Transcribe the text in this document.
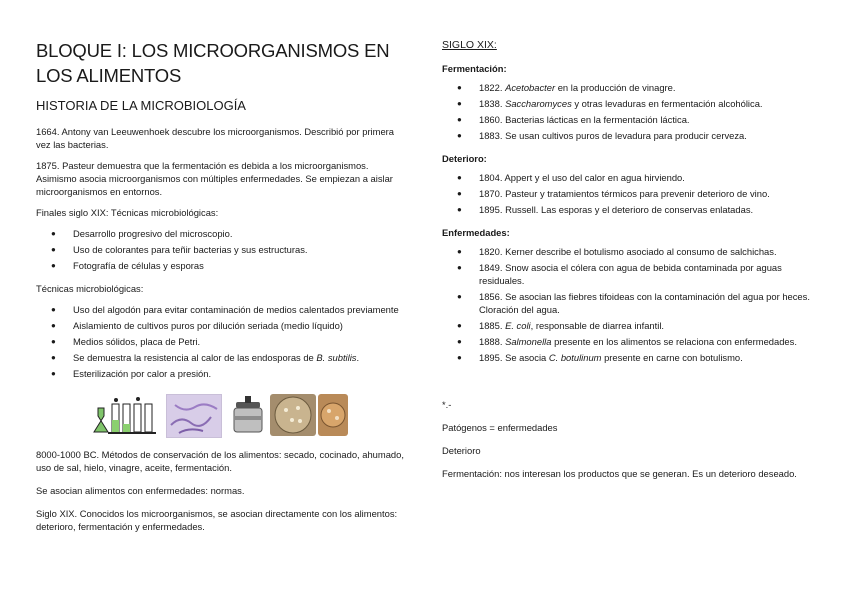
BLOQUE I: LOS MICROORGANISMOS EN LOS ALIMENTOS
HISTORIA DE LA MICROBIOLOGÍA

1664. Antony van Leeuwenhoek descubre los microorganismos. Describió por primera vez las bacterias.

1875. Pasteur demuestra que la fermentación es debida a los microorganismos. Asimismo asocia microorganismos con múltiples enfermedades. Se empiezan a aislar microorganismos en entornos.

Finales siglo XIX: Técnicas microbiológicas:

● Desarrollo progresivo del microscopio.
● Uso de colorantes para teñir bacterias y sus estructuras.
● Fotografía de células y esporas

Técnicas microbiológicas:

● Uso del algodón para evitar contaminación de medios calentados previamente
● Aislamiento de cultivos puros por dilución seriada (medio líquido)
● Medios sólidos, placa de Petri.
● Se demuestra la resistencia al calor de las endosporas de B. subtilis.
● Esterilización por calor a presión.

8000-1000 BC. Métodos de conservación de los alimentos: secado, cocinado, ahumado, uso de sal, hielo, vinagre, aceite, fermentación.

Se asocian alimentos con enfermedades: normas.

Siglo XIX. Conocidos los microorganismos, se asocian directamente con los alimentos: deterioro, fermentación y enfermedades.

SIGLO XIX:
Fermentación:
● 1822. Acetobacter en la producción de vinagre.
● 1838. Saccharomyces y otras levaduras en fermentación alcohólica.
● 1860. Bacterias lácticas en la fermentación láctica.
● 1883. Se usan cultivos puros de levadura para producir cerveza.
Deterioro:
● 1804. Appert y el uso del calor en agua hirviendo.
● 1870. Pasteur y tratamientos térmicos para prevenir deterioro de vino.
● 1895. Russell. Las esporas y el deterioro de conservas enlatadas.
Enfermedades:
● 1820. Kerner describe el botulismo asociado al consumo de salchichas.
● 1849. Snow asocia el cólera con agua de bebida contaminada por aguas residuales.
● 1856. Se asocian las fiebres tifoideas con la contaminación del agua por heces. Cloración del agua.
● 1885. E. coli, responsable de diarrea infantil.
● 1888. Salmonella presente en los alimentos se relaciona con enfermedades.
● 1895. Se asocia C. botulinum presente en carne con botulismo.
*.-
Patógenos = enfermedades
Deterioro
Fermentación: nos interesan los productos que se generan. Es un deterioro deseado.
